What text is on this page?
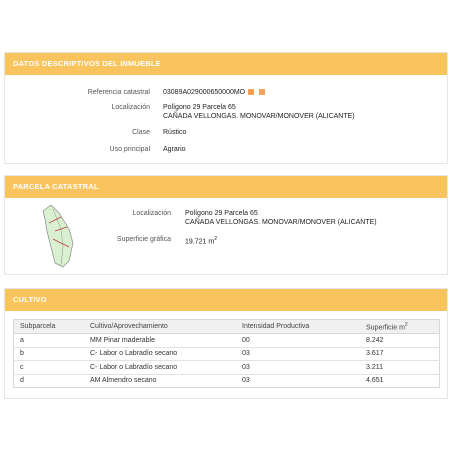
DATOS DESCRIPTIVOS DEL INMUEBLE
Referencia catastral 03089A029000650000MO
Localización Polígono 29 Parcela 65
CAÑADA VELLONGAS. MONOVAR/MONOVER (ALICANTE)
Clase Rústico
Uso principal Agrario
PARCELA CATASTRAL
Localización Polígono 29 Parcela 65
CAÑADA VELLONGAS. MONOVAR/MONOVER (ALICANTE)
Superficie gráfica 19.721 $m^2$
CULTIVO
Subparcela	Cultivo/Aprovechamiento	Intensidad Productiva	Superficie $m^2$
a	MM Pinar maderable	00	8.242
b	C- Labor o Labradío secano	03	3.617
c	C- Labor o Labradío secano	03	3.211
d	AM Almendro secano	03	4.651
